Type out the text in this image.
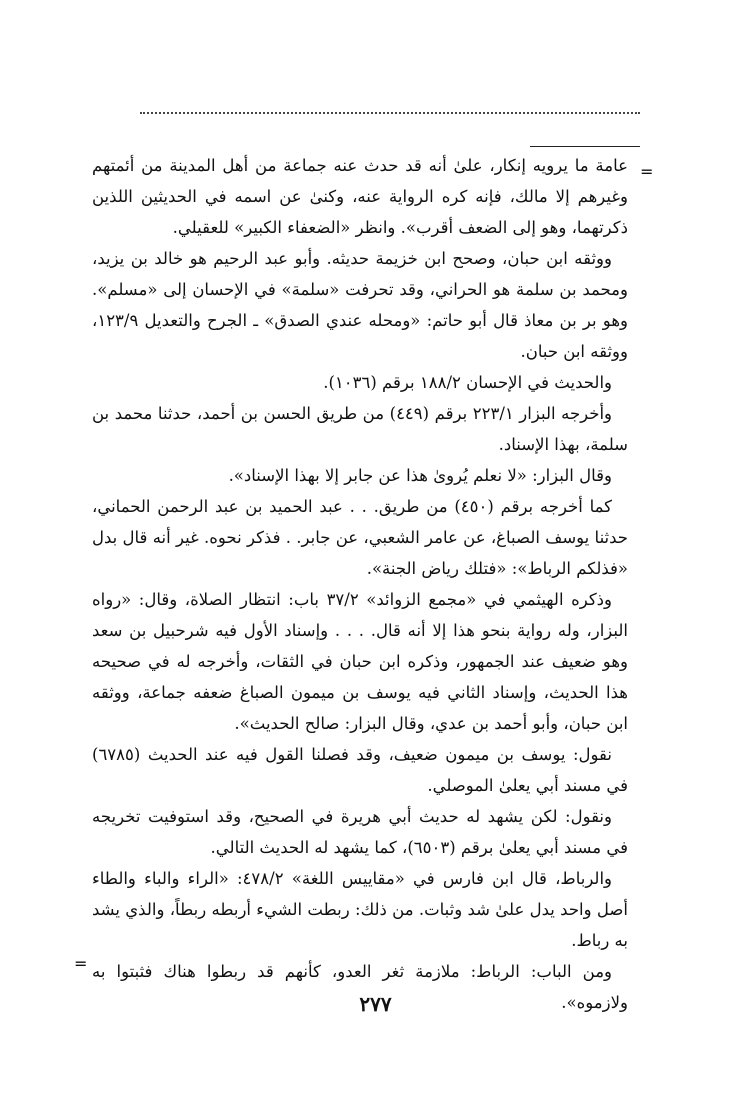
=

عامة ما يرويه إنكار، علىٰ أنه قد حدث عنه جماعة من أهل المدينة من أئمتهم وغيرهم إلا مالك، فإنه كره الرواية عنه، وكنىٰ عن اسمه في الحديثين اللذين ذكرتهما، وهو إلى الضعف أقرب». وانظر «الضعفاء الكبير» للعقيلي.

ووثقه ابن حبان، وصحح ابن خزيمة حديثه. وأبو عبد الرحيم هو خالد بن يزيد، ومحمد بن سلمة هو الحراني، وقد تحرفت «سلمة» في الإحسان إلى «مسلم». وهو بر بن معاذ قال أبو حاتم: «ومحله عندي الصدق» ـ الجرح والتعديل ١٢٣/٩، ووثقه ابن حبان.

والحديث في الإحسان ١٨٨/٢ برقم (١٠٣٦).

وأخرجه البزار ٢٢٣/١ برقم (٤٤٩) من طريق الحسن بن أحمد، حدثنا محمد بن سلمة، بهذا الإسناد.

وقال البزار: «لا نعلم يُروىٰ هذا عن جابر إلا بهذا الإسناد».

كما أخرجه برقم (٤٥٠) من طريق. . . عبد الحميد بن عبد الرحمن الحماني، حدثنا يوسف الصباغ، عن عامر الشعبي، عن جابر. . فذكر نحوه. غير أنه قال بدل «فذلكم الرباط»: «فتلك رياض الجنة».

وذكره الهيثمي في «مجمع الزوائد» ٣٧/٢ باب: انتظار الصلاة، وقال: «رواه البزار، وله رواية بنحو هذا إلا أنه قال. . . . وإسناد الأول فيه شرحبيل بن سعد وهو ضعيف عند الجمهور، وذكره ابن حبان في الثقات، وأخرجه له في صحيحه هذا الحديث، وإسناد الثاني فيه يوسف بن ميمون الصباغ ضعفه جماعة، ووثقه ابن حبان، وأبو أحمد بن عدي، وقال البزار: صالح الحديث».

نقول: يوسف بن ميمون ضعيف، وقد فصلنا القول فيه عند الحديث (٦٧٨٥) في مسند أبي يعلىٰ الموصلي.

ونقول: لكن يشهد له حديث أبي هريرة في الصحيح، وقد استوفيت تخريجه في مسند أبي يعلىٰ برقم (٦٥٠٣)، كما يشهد له الحديث التالي.

والرباط، قال ابن فارس في «مقاييس اللغة» ٤٧٨/٢: «الراء والباء والطاء أصل واحد يدل علىٰ شد وثبات. من ذلك: ربطت الشيء أربطه ربطاً، والذي يشد به رباط.

ومن الباب: الرباط: ملازمة ثغر العدو، كأنهم قد ربطوا هناك فثبتوا به ولازموه».

=
٢٧٧
